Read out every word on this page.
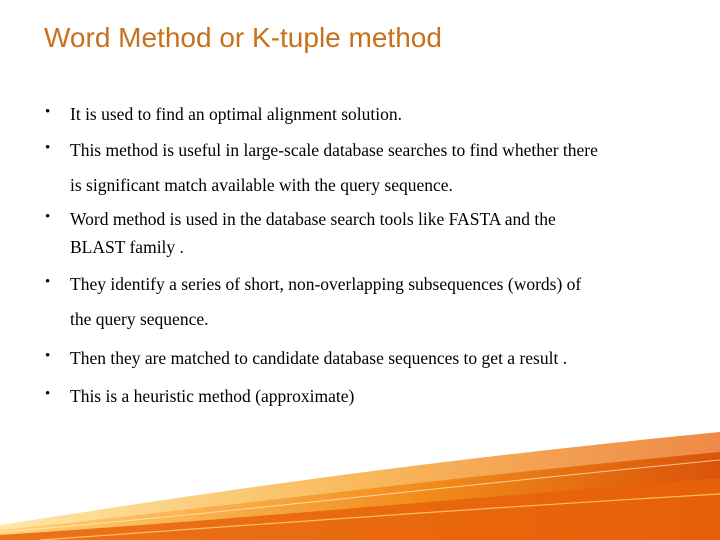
Word Method or K-tuple method
• It is used to find an optimal alignment solution.
• This method is useful in large-scale database searches to find whether there
is significant match available with the query sequence.
• Word method is used in the database search tools like FASTA and the
BLAST family .
• They identify a series of short, non-overlapping subsequences (words) of
the query sequence.
• Then they are matched to candidate database sequences to get a result .
• This is a heuristic method (approximate)
